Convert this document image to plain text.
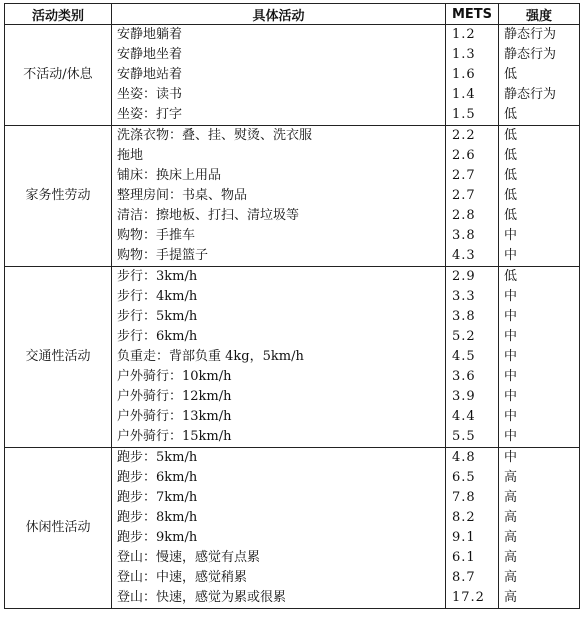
活动类别	具体活动	METS	强度
不活动/休息	安静地躺着	1.2	静态行为
	安静地坐着	1.3	静态行为
	安静地站着	1.6	低
	坐姿：读书	1.4	静态行为
	坐姿：打字	1.5	低
家务性劳动	洗涤衣物：叠、挂、熨烫、洗衣服	2.2	低
	拖地	2.6	低
	铺床：换床上用品	2.7	低
	整理房间：书桌、物品	2.7	低
	清洁：擦地板、打扫、清垃圾等	2.8	低
	购物：手推车	3.8	中
	购物：手提篮子	4.3	中
交通性活动	步行：3km/h	2.9	低
	步行：4km/h	3.3	中
	步行：5km/h	3.8	中
	步行：6km/h	5.2	中
	负重走：背部负重 4kg，5km/h	4.5	中
	户外骑行：10km/h	3.6	中
	户外骑行：12km/h	3.9	中
	户外骑行：13km/h	4.4	中
	户外骑行：15km/h	5.5	中
休闲性活动	跑步：5km/h	4.8	中
	跑步：6km/h	6.5	高
	跑步：7km/h	7.8	高
	跑步：8km/h	8.2	高
	跑步：9km/h	9.1	高
	登山：慢速，感觉有点累	6.1	高
	登山：中速，感觉稍累	8.7	高
	登山：快速，感觉为累或很累	17.2	高
